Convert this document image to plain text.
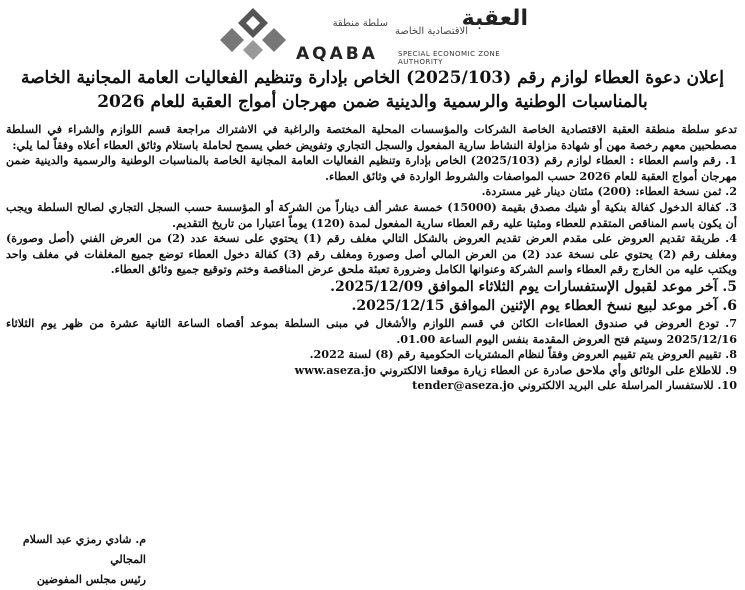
سلطة منطقة	العقبة
الاقتصادية الخاصة
AQABA	SPECIAL ECONOMIC ZONE AUTHORITY
إعلان دعوة العطاء لوازم رقم (2025/103) الخاص بإدارة وتنظيم الفعاليات العامة المجانية الخاصة
بالمناسبات الوطنية والرسمية والدينية ضمن مهرجان أمواج العقبة للعام 2026

تدعو سلطة منطقة العقبة الاقتصادية الخاصة الشركات والمؤسسات المحلية المختصة والراغبة في الاشتراك مراجعة قسم اللوازم والشراء في السلطة مصطحبين معهم رخصة مهن أو شهادة مزاولة النشاط سارية المفعول والسجل التجاري وتفويض خطي يسمح لحاملة باستلام وثائق العطاء أعلاه وفقاً لما يلي:

1. رقم واسم العطاء : العطاء لوازم رقم (2025/103) الخاص بإدارة وتنظيم الفعاليات العامة المجانية الخاصة بالمناسبات الوطنية والرسمية والدينية ضمن مهرجان أمواج العقبة للعام 2026 حسب المواصفات والشروط الواردة في وثائق العطاء.

2. ثمن نسخة العطاء: (200) مئتان دينار غير مستردة.

3. كفالة الدخول كفالة بنكية أو شيك مصدق بقيمة (15000) خمسة عشر ألف ديناراً من الشركة أو المؤسسة حسب السجل التجاري لصالح السلطة ويجب أن يكون باسم المناقص المتقدم للعطاء ومثبتا عليه رقم العطاء سارية المفعول لمدة (120) يوماً اعتبارا من تاريخ التقديم.

4. طريقة تقديم العروض على مقدم العرض تقديم العروض بالشكل التالي مغلف رقم (1) يحتوي على نسخة عدد (2) من العرض الفني (أصل وصورة) ومغلف رقم (2) يحتوي على نسخة عدد (2) من العرض المالي أصل وصورة ومغلف رقم (3) كفالة دخول العطاء توضع جميع المغلفات في مغلف واحد ويكتب عليه من الخارج رقم العطاء واسم الشركة وعنوانها الكامل وضرورة تعبئة ملحق عرض المناقصة وختم وتوقيع جميع وثائق العطاء.

5. آخر موعد لقبول الإستفسارات يوم الثلاثاء الموافق 2025/12/09.

6. آخر موعد لبيع نسخ العطاء يوم الإثنين الموافق 2025/12/15.

7. تودع العروض في صندوق العطاءات الكائن في قسم اللوازم والأشغال في مبنى السلطة بموعد أقصاه الساعة الثانية عشرة من ظهر يوم الثلاثاء 2025/12/16 وسيتم فتح العروض المقدمة بنفس اليوم الساعة 01.00.

8. تقييم العروض يتم تقييم العروض وفقاً لنظام المشتريات الحكومية رقم (8) لسنة 2022.

9. للاطلاع على الوثائق وأي ملاحق صادرة عن العطاء زيارة موقعنا الالكتروني www.aseza.jo

10. للاستفسار المراسلة على البريد الالكتروني tender@aseza.jo

م. شادي رمزي عبد السلام المجالي
رئيس مجلس المفوضين
